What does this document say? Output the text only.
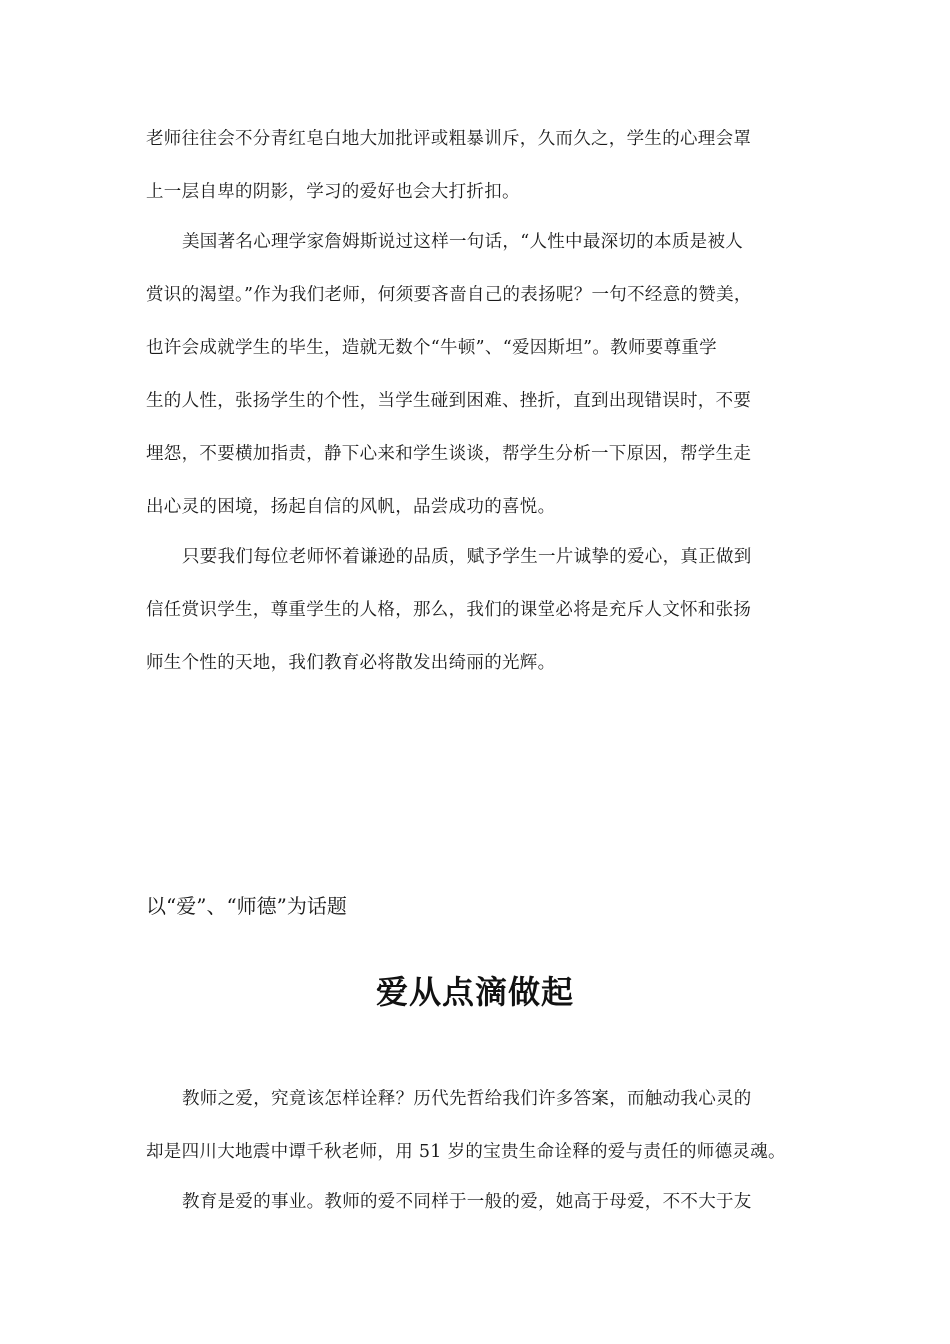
老师往往会不分青红皂白地大加批评或粗暴训斥，久而久之，学生的心理会罩
上一层自卑的阴影，学习的爱好也会大打折扣。
美国著名心理学家詹姆斯说过这样一句话，“人性中最深切的本质是被人
赏识的渴望。”作为我们老师，何须要吝啬自己的表扬呢？一句不经意的赞美，
也许会成就学生的毕生，造就无数个“牛顿”、“爱因斯坦”。教师要尊重学
生的人性，张扬学生的个性，当学生碰到困难、挫折，直到出现错误时，不要
埋怨，不要横加指责，静下心来和学生谈谈，帮学生分析一下原因，帮学生走
出心灵的困境，扬起自信的风帆，品尝成功的喜悦。
只要我们每位老师怀着谦逊的品质，赋予学生一片诚挚的爱心，真正做到
信任赏识学生，尊重学生的人格，那么，我们的课堂必将是充斥人文怀和张扬
师生个性的天地，我们教育必将散发出绮丽的光辉。
以“爱”、“师德”为话题
爱从点滴做起
教师之爱，究竟该怎样诠释？历代先哲给我们许多答案，而触动我心灵的
却是四川大地震中谭千秋老师，用 51 岁的宝贵生命诠释的爱与责任的师德灵魂。
教育是爱的事业。教师的爱不同样于一般的爱，她高于母爱，不不大于友
